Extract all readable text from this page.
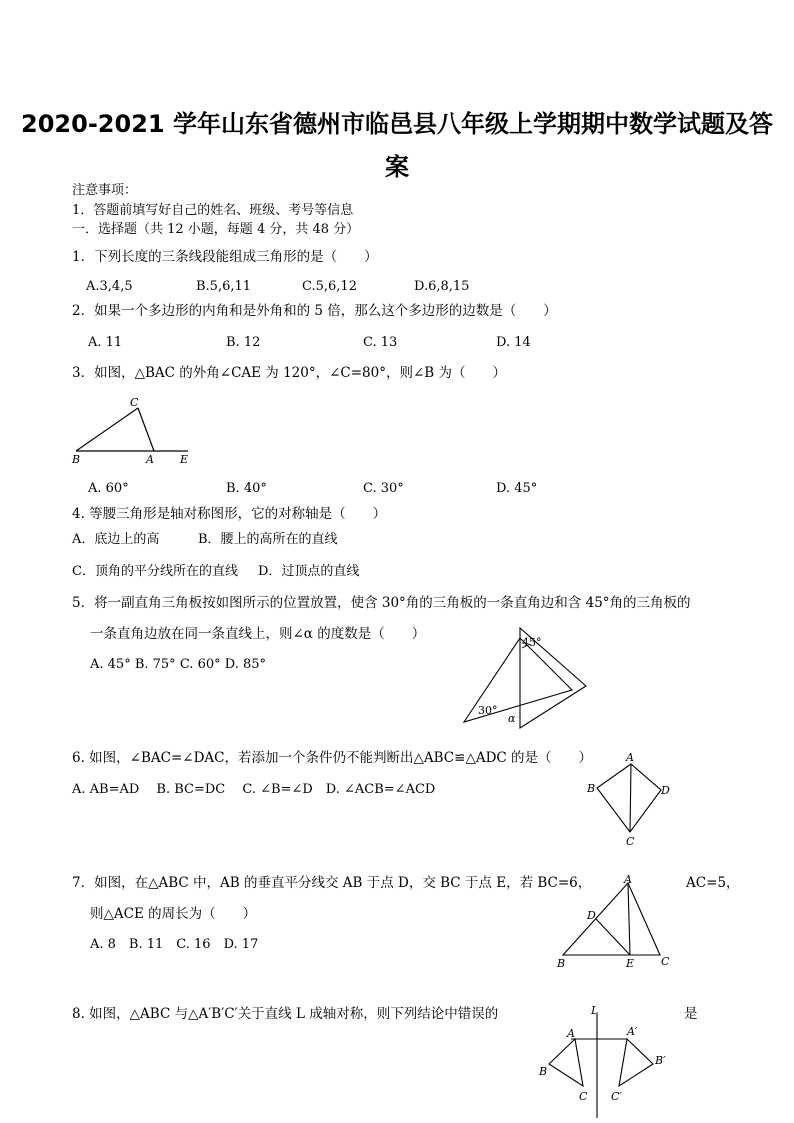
2020-2021 学年山东省德州市临邑县八年级上学期期中数学试题及答
案
注意事项：
1．答题前填写好自己的姓名、班级、考号等信息
一．选择题（共 12 小题，每题 4 分，共 48 分）
1．下列长度的三条线段能组成三角形的是（　　）
A.3,4,5	B.5,6,11	C.5,6,12	D.6,8,15
2．如果一个多边形的内角和是外角和的 5 倍，那么这个多边形的边数是（　　）
A. 11	B. 12	C. 13	D. 14
3．如图，△BAC 的外角∠CAE 为 120°，∠C=80°，则∠B 为（　　）
C
B	A E
A. 60°	B. 40°	C. 30°	D. 45°
4. 等腰三角形是轴对称图形，它的对称轴是（　　）
A．底边上的高	B．腰上的高所在的直线
C．顶角的平分线所在的直线 D．过顶点的直线
5．将一副直角三角板按如图所示的位置放置，使含 30°角的三角板的一条直角边和含 45°角的三角板的
一条直角边放在同一条直线上，则∠α 的度数是（　　）
A. 45° B. 75° C. 60° D. 85°
45°
30°
α
6. 如图，∠BAC=∠DAC，若添加一个条件仍不能判断出△ABC≌△ADC 的是（　　）
A. AB=AD　 B. BC=DC　 C. ∠B=∠D　D. ∠ACB=∠ACD
A
B	D
C
7．如图，在△ABC 中，AB 的垂直平分线交 AB 于点 D，交 BC 于点 E，若 BC=6，	AC=5，
则△ACE 的周长为（　　）
A. 8　B. 11　C. 16　D. 17
A
D
B	E C
8. 如图，△ABC 与△A′B′C′关于直线 L 成轴对称，则下列结论中错误的	是
L
A	A′
B
B′
C C′
